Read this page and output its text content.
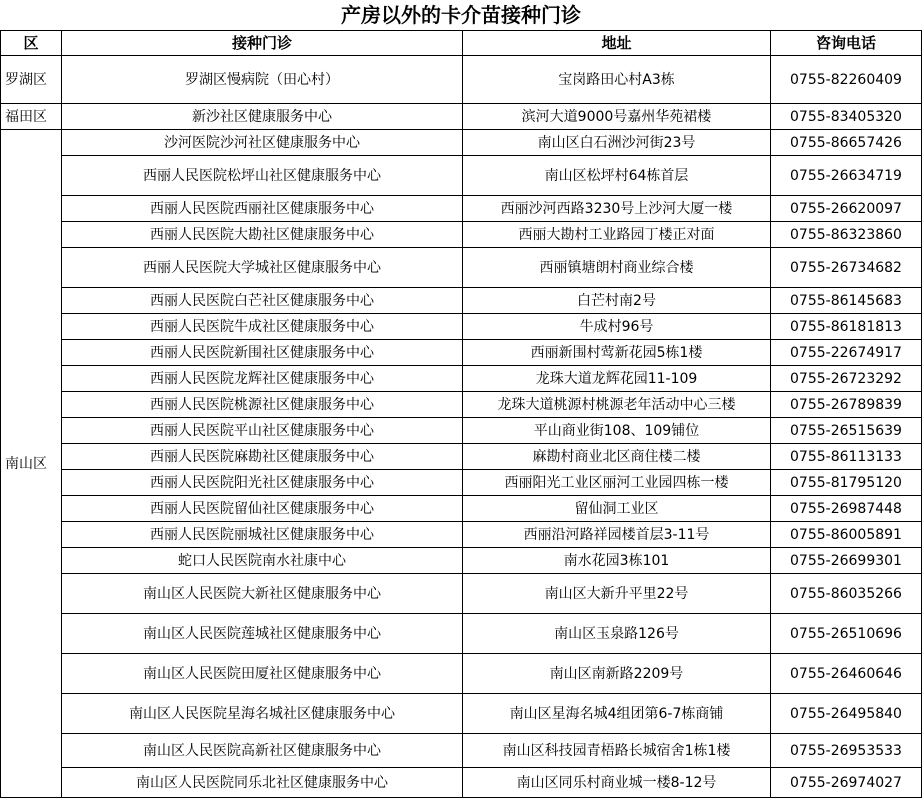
产房以外的卡介苗接种门诊
区	接种门诊	地址	咨询电话
罗湖区	罗湖区慢病院（田心村）	宝岗路田心村A3栋	0755-82260409
福田区	新沙社区健康服务中心	滨河大道9000号嘉州华苑裙楼	0755-83405320
南山区	沙河医院沙河社区健康服务中心	南山区白石洲沙河街23号	0755-86657426
	西丽人民医院松坪山社区健康服务中心	南山区松坪村64栋首层	0755-26634719
	西丽人民医院西丽社区健康服务中心	西丽沙河西路3230号上沙河大厦一楼	0755-26620097
	西丽人民医院大勘社区健康服务中心	西丽大勘村工业路园丁楼正对面	0755-86323860
	西丽人民医院大学城社区健康服务中心	西丽镇塘朗村商业综合楼	0755-26734682
	西丽人民医院白芒社区健康服务中心	白芒村南2号	0755-86145683
	西丽人民医院牛成社区健康服务中心	牛成村96号	0755-86181813
	西丽人民医院新围社区健康服务中心	西丽新围村莺新花园5栋1楼	0755-22674917
	西丽人民医院龙辉社区健康服务中心	龙珠大道龙辉花园11-109	0755-26723292
	西丽人民医院桃源社区健康服务中心	龙珠大道桃源村桃源老年活动中心三楼	0755-26789839
	西丽人民医院平山社区健康服务中心	平山商业街108、109铺位	0755-26515639
	西丽人民医院麻勘社区健康服务中心	麻勘村商业北区商住楼二楼	0755-86113133
	西丽人民医院阳光社区健康服务中心	西丽阳光工业区丽河工业园四栋一楼	0755-81795120
	西丽人民医院留仙社区健康服务中心	留仙洞工业区	0755-26987448
	西丽人民医院丽城社区健康服务中心	西丽沿河路祥园楼首层3-11号	0755-86005891
	蛇口人民医院南水社康中心	南水花园3栋101	0755-26699301
	南山区人民医院大新社区健康服务中心	南山区大新升平里22号	0755-86035266
	南山区人民医院莲城社区健康服务中心	南山区玉泉路126号	0755-26510696
	南山区人民医院田厦社区健康服务中心	南山区南新路2209号	0755-26460646
	南山区人民医院星海名城社区健康服务中心	南山区星海名城4组团第6-7栋商铺	0755-26495840
	南山区人民医院高新社区健康服务中心	南山区科技园青梧路长城宿舍1栋1楼	0755-26953533
	南山区人民医院同乐北社区健康服务中心	南山区同乐村商业城一楼8-12号	0755-26974027
